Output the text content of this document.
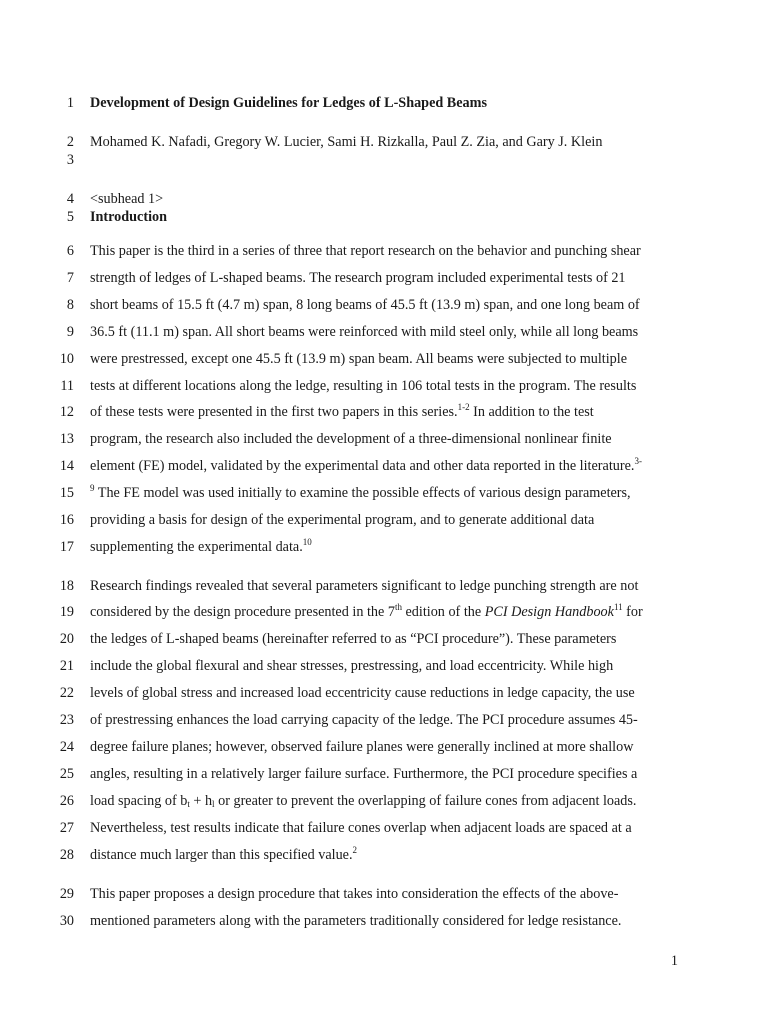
1 Development of Design Guidelines for Ledges of L-Shaped Beams
2 Mohamed K. Nafadi, Gregory W. Lucier, Sami H. Rizkalla, Paul Z. Zia, and Gary J. Klein
3
4 <subhead 1>
5 Introduction
6 This paper is the third in a series of three that report research on the behavior and punching shear
7 strength of ledges of L-shaped beams. The research program included experimental tests of 21
8 short beams of 15.5 ft (4.7 m) span, 8 long beams of 45.5 ft (13.9 m) span, and one long beam of
9 36.5 ft (11.1 m) span. All short beams were reinforced with mild steel only, while all long beams
10 were prestressed, except one 45.5 ft (13.9 m) span beam. All beams were subjected to multiple
11 tests at different locations along the ledge, resulting in 106 total tests in the program. The results
12 of these tests were presented in the first two papers in this series.$^{1-2}$ In addition to the test
13 program, the research also included the development of a three-dimensional nonlinear finite
14 element (FE) model, validated by the experimental data and other data reported in the literature.$^{3-}$
15 $^9$ The FE model was used initially to examine the possible effects of various design parameters,
16 providing a basis for design of the experimental program, and to generate additional data
17 supplementing the experimental data.$^{10}$
18 Research findings revealed that several parameters significant to ledge punching strength are not
19 considered by the design procedure presented in the 7th edition of the PCI Design Handbook$^{11}$ for
20 the ledges of L-shaped beams (hereinafter referred to as “PCI procedure”). These parameters
21 include the global flexural and shear stresses, prestressing, and load eccentricity. While high
22 levels of global stress and increased load eccentricity cause reductions in ledge capacity, the use
23 of prestressing enhances the load carrying capacity of the ledge. The PCI procedure assumes 45-
24 degree failure planes; however, observed failure planes were generally inclined at more shallow
25 angles, resulting in a relatively larger failure surface. Furthermore, the PCI procedure specifies a
26 load spacing of $b_t + h_l$ or greater to prevent the overlapping of failure cones from adjacent loads.
27 Nevertheless, test results indicate that failure cones overlap when adjacent loads are spaced at a
28 distance much larger than this specified value.$^2$
29 This paper proposes a design procedure that takes into consideration the effects of the above-
30 mentioned parameters along with the parameters traditionally considered for ledge resistance.
1
